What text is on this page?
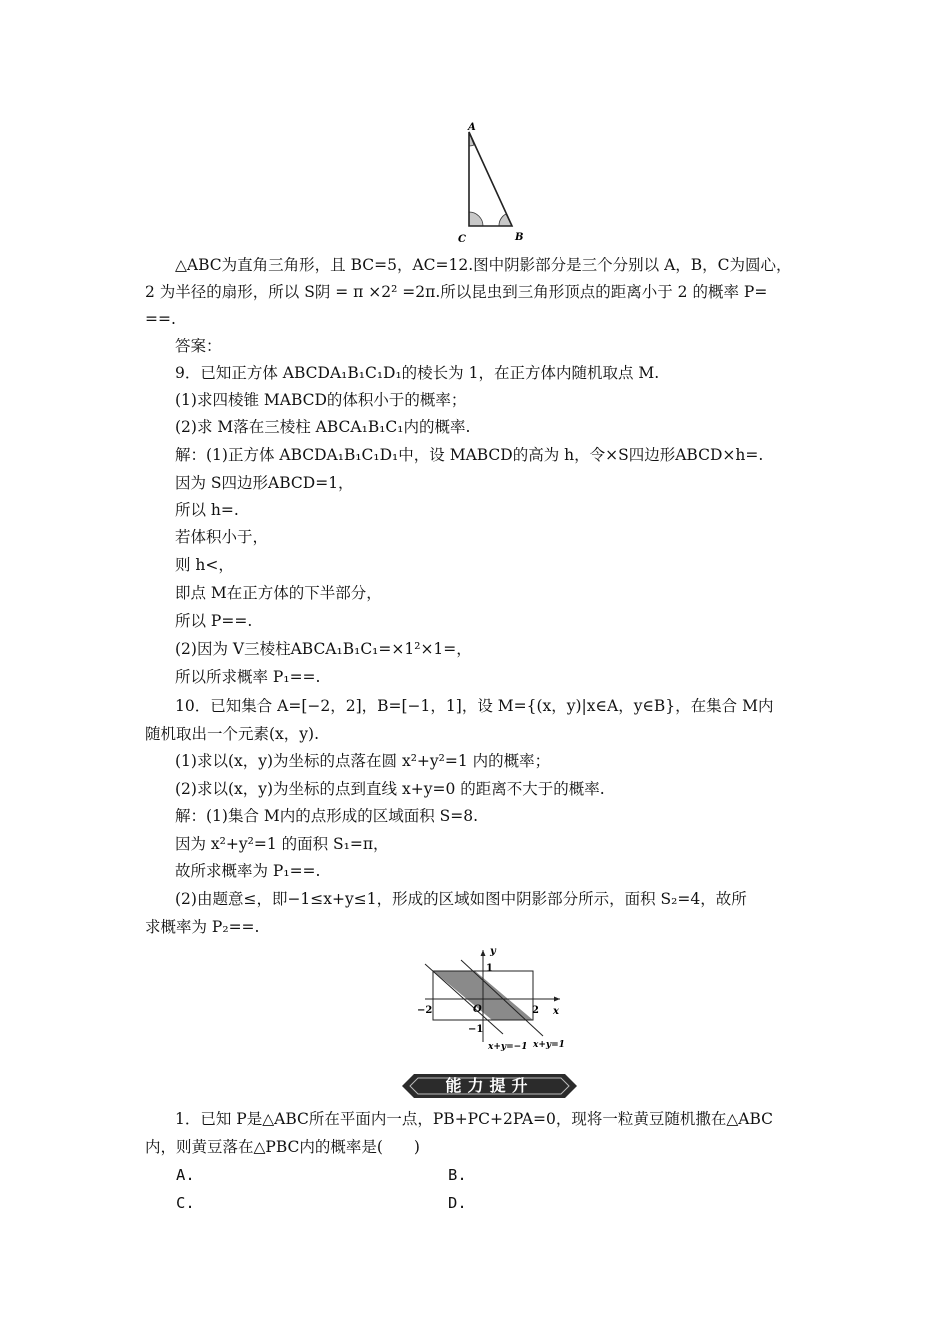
A
B
C
△ABC为直角三角形，且 BC=5，AC=12.图中阴影部分是三个分别以 A，B，C为圆心，
2 为半径的扇形，所以 S阴 = π ×2² =2π.所以昆虫到三角形顶点的距离小于 2 的概率 P=
==.
答案：
9．已知正方体 ABCDA₁B₁C₁D₁的棱长为 1，在正方体内随机取点 M.
(1)求四棱锥 MABCD的体积小于的概率；
(2)求 M落在三棱柱 ABCA₁B₁C₁内的概率.
解：(1)正方体 ABCDA₁B₁C₁D₁中，设 MABCD的高为 h，令×S四边形ABCD×h=.
因为 S四边形ABCD=1，
所以 h=.
若体积小于，
则 h<，
即点 M在正方体的下半部分，
所以 P==.
(2)因为 V三棱柱ABCA₁B₁C₁=×1²×1=，
所以所求概率 P₁==.
10．已知集合 A=[−2，2]，B=[−1，1]，设 M={(x，y)|x∈A，y∈B}，在集合 M内
随机取出一个元素(x，y).
(1)求以(x，y)为坐标的点落在圆 x²+y²=1 内的概率；
(2)求以(x，y)为坐标的点到直线 x+y=0 的距离不大于的概率.
解：(1)集合 M内的点形成的区域面积 S=8.
因为 x²+y²=1 的面积 S₁=π，
故所求概率为 P₁==.
(2)由题意≤，即−1≤x+y≤1，形成的区域如图中阴影部分所示，面积 S₂=4，故所
求概率为 P₂==.
y
x
1
−1
2
−2	O
x+y=−1 x+y=1
能力提升
1．已知 P是△ABC所在平面内一点，PB+PC+2PA=0，现将一粒黄豆随机撒在△ABC
内，则黄豆落在△PBC内的概率是(　　)
A.	B.
C.	D.
